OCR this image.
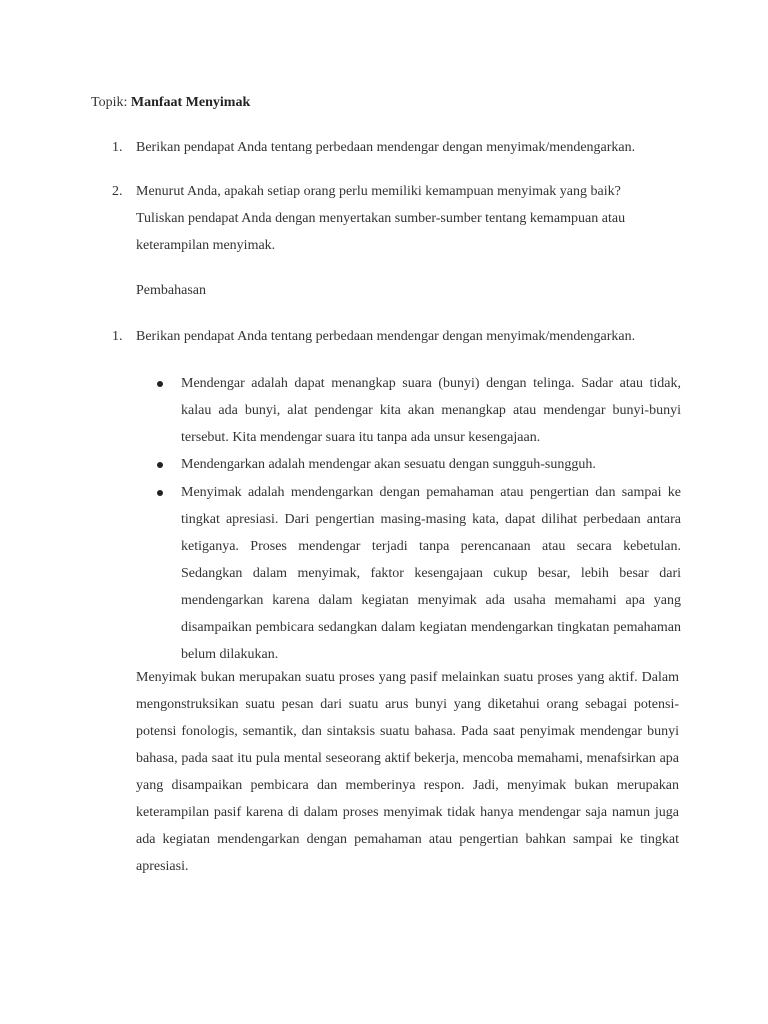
Topik: Manfaat Menyimak
1. Berikan pendapat Anda tentang perbedaan mendengar dengan menyimak/mendengarkan.
2. Menurut Anda, apakah setiap orang perlu memiliki kemampuan menyimak yang baik?
Tuliskan pendapat Anda dengan menyertakan sumber-sumber tentang kemampuan atau
keterampilan menyimak.
Pembahasan
1. Berikan pendapat Anda tentang perbedaan mendengar dengan menyimak/mendengarkan.
Mendengar adalah dapat menangkap suara (bunyi) dengan telinga. Sadar atau tidak, kalau ada bunyi, alat pendengar kita akan menangkap atau mendengar bunyi-bunyi tersebut. Kita mendengar suara itu tanpa ada unsur kesengajaan.
Mendengarkan adalah mendengar akan sesuatu dengan sungguh-sungguh.
Menyimak adalah mendengarkan dengan pemahaman atau pengertian dan sampai ke tingkat apresiasi. Dari pengertian masing-masing kata, dapat dilihat perbedaan antara ketiganya. Proses mendengar terjadi tanpa perencanaan atau secara kebetulan. Sedangkan dalam menyimak, faktor kesengajaan cukup besar, lebih besar dari mendengarkan karena dalam kegiatan menyimak ada usaha memahami apa yang disampaikan pembicara sedangkan dalam kegiatan mendengarkan tingkatan pemahaman belum dilakukan.

Menyimak bukan merupakan suatu proses yang pasif melainkan suatu proses yang aktif. Dalam mengonstruksikan suatu pesan dari suatu arus bunyi yang diketahui orang sebagai potensi-potensi fonologis, semantik, dan sintaksis suatu bahasa. Pada saat penyimak mendengar bunyi bahasa, pada saat itu pula mental seseorang aktif bekerja, mencoba memahami, menafsirkan apa yang disampaikan pembicara dan memberinya respon. Jadi, menyimak bukan merupakan keterampilan pasif karena di dalam proses menyimak tidak hanya mendengar saja namun juga ada kegiatan mendengarkan dengan pemahaman atau pengertian bahkan sampai ke tingkat apresiasi.
